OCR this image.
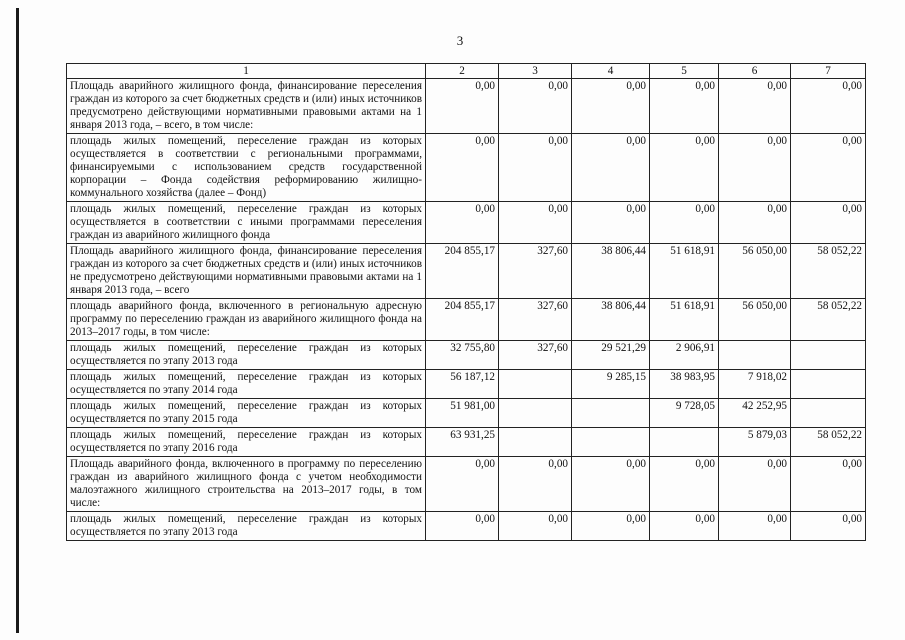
3
1	2	3	4	5	6	7
Площадь аварийного жилищного фонда, финансирование переселения граждан из которого за счет бюджетных средств и (или) иных источников предусмотрено действующими нормативными правовыми актами на 1 января 2013 года, – всего, в том числе:	0,00	0,00	0,00	0,00	0,00	0,00
площадь жилых помещений, переселение граждан из которых осуществляется в соответствии с региональными программами, финансируемыми с использованием средств государственной корпорации – Фонда содействия реформированию жилищно-коммунального хозяйства (далее – Фонд)	0,00	0,00	0,00	0,00	0,00	0,00
площадь жилых помещений, переселение граждан из которых осуществляется в соответствии с иными программами переселения граждан из аварийного жилищного фонда	0,00	0,00	0,00	0,00	0,00	0,00
Площадь аварийного жилищного фонда, финансирование переселения граждан из которого за счет бюджетных средств и (или) иных источников не предусмотрено действующими нормативными правовыми актами на 1 января 2013 года, – всего	204 855,17	327,60	38 806,44	51 618,91	56 050,00	58 052,22
площадь аварийного фонда, включенного в региональную адресную программу по переселению граждан из аварийного жилищного фонда на 2013–2017 годы, в том числе:	204 855,17	327,60	38 806,44	51 618,91	56 050,00	58 052,22
площадь жилых помещений, переселение граждан из которых осуществляется по этапу 2013 года	32 755,80	327,60	29 521,29	2 906,91		
площадь жилых помещений, переселение граждан из которых осуществляется по этапу 2014 года	56 187,12		9 285,15	38 983,95	7 918,02	
площадь жилых помещений, переселение граждан из которых осуществляется по этапу 2015 года	51 981,00			9 728,05	42 252,95	
площадь жилых помещений, переселение граждан из которых осуществляется по этапу 2016 года	63 931,25				5 879,03	58 052,22
Площадь аварийного фонда, включенного в программу по переселению граждан из аварийного жилищного фонда с учетом необходимости малоэтажного жилищного строительства на 2013–2017 годы, в том числе:	0,00	0,00	0,00	0,00	0,00	0,00
площадь жилых помещений, переселение граждан из которых осуществляется по этапу 2013 года	0,00	0,00	0,00	0,00	0,00	0,00
